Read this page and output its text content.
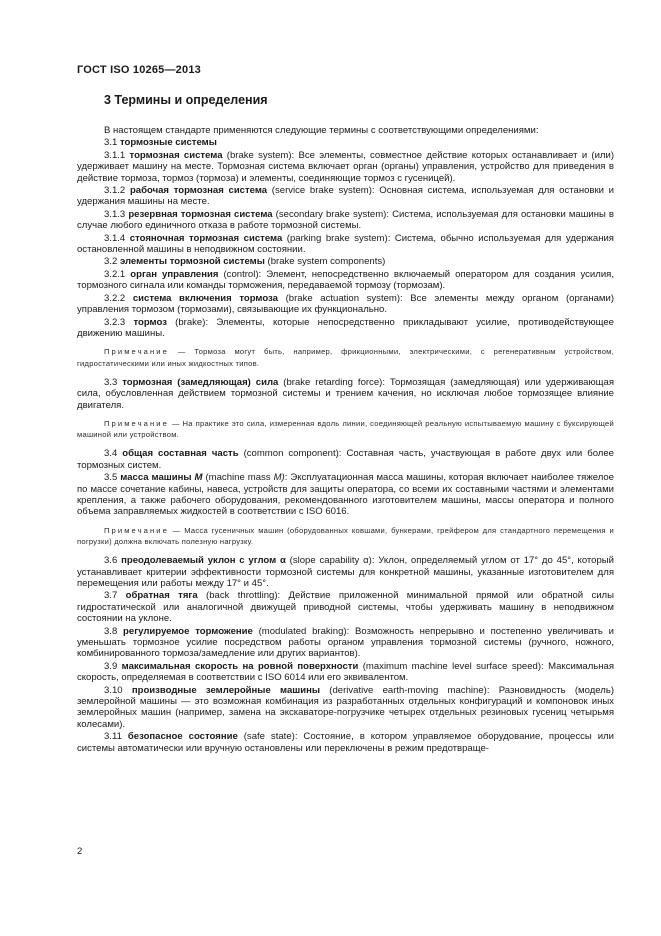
ГОСТ ISO 10265—2013
3 Термины и определения

В настоящем стандарте применяются следующие термины с соответствующими определениями:

3.1 тормозные системы

3.1.1 тормозная система (brake system): Все элементы, совместное действие которых останавливает и (или) удерживает машину на месте. Тормозная система включает орган (органы) управления, устройство для приведения в действие тормоза, тормоз (тормоза) и элементы, соединяющие тормоз с гусеницей).

3.1.2 рабочая тормозная система (service brake system): Основная система, используемая для остановки и удержания машины на месте.

3.1.3 резервная тормозная система (secondary brake system): Система, используемая для остановки машины в случае любого единичного отказа в работе тормозной системы.

3.1.4 стояночная тормозная система (parking brake system): Система, обычно используемая для удержания остановленной машины в неподвижном состоянии.

3.2 элементы тормозной системы (brake system components)

3.2.1 орган управления (control): Элемент, непосредственно включаемый оператором для создания усилия, тормозного сигнала или команды торможения, передаваемой тормозу (тормозам).

3.2.2 система включения тормоза (brake actuation system): Все элементы между органом (органами) управления тормозом (тормозами), связывающие их функционально.

3.2.3 тормоз (brake): Элементы, которые непосредственно прикладывают усилие, противодействующее движению машины.

Примечание — Тормоза могут быть, например, фрикционными, электрическими, с регенеративным устройством, гидростатическими или иных жидкостных типов.

3.3 тормозная (замедляющая) сила (brake retarding force): Тормозящая (замедляющая) или удерживающая сила, обусловленная действием тормозной системы и трением качения, но исключая любое тормозящее влияние двигателя.

Примечание — На практике это сила, измеренная вдоль линии, соединяющей реальную испытываемую машину с буксирующей машиной или устройством.

3.4 общая составная часть (common component): Составная часть, участвующая в работе двух или более тормозных систем.

3.5 масса машины M (machine mass M): Эксплуатационная масса машины, которая включает наиболее тяжелое по массе сочетание кабины, навеса, устройств для защиты оператора, со всеми их составными частями и элементами крепления, а также рабочего оборудования, рекомендованного изготовителем машины, массы оператора и полного объема заправляемых жидкостей в соответствии с ISO 6016.

Примечание — Масса гусеничных машин (оборудованных ковшами, бункерами, грейфером для стандартного перемещения и погрузки) должна включать полезную нагрузку.

3.6 преодолеваемый уклон с углом α (slope capability α): Уклон, определяемый углом от 17° до 45°, который устанавливает критерии эффективности тормозной системы для конкретной машины, указанные изготовителем для перемещения или работы между 17° и 45°.

3.7 обратная тяга (back throttling): Действие приложенной минимальной прямой или обратной силы гидростатической или аналогичной движущей приводной системы, чтобы удерживать машину в неподвижном состоянии на уклоне.

3.8 регулируемое торможение (modulated braking): Возможность непрерывно и постепенно увеличивать и уменьшать тормозное усилие посредством работы органом управления тормозной системы (ручного, ножного, комбинированного тормоза/замедление или других вариантов).

3.9 максимальная скорость на ровной поверхности (maximum machine level surface speed): Максимальная скорость, определяемая в соответствии с ISO 6014 или его эквивалентом.

3.10 производные землеройные машины (derivative earth-moving machine): Разновидность (модель) землеройной машины — это возможная комбинация из разработанных отдельных конфигураций и компоновок иных землеройных машин (например, замена на экскаваторе-погрузчике четырех отдельных резиновых гусениц четырьмя колесами).

3.11 безопасное состояние (safe state): Состояние, в котором управляемое оборудование, процессы или системы автоматически или вручную остановлены или переключены в режим предотвраще-

2
